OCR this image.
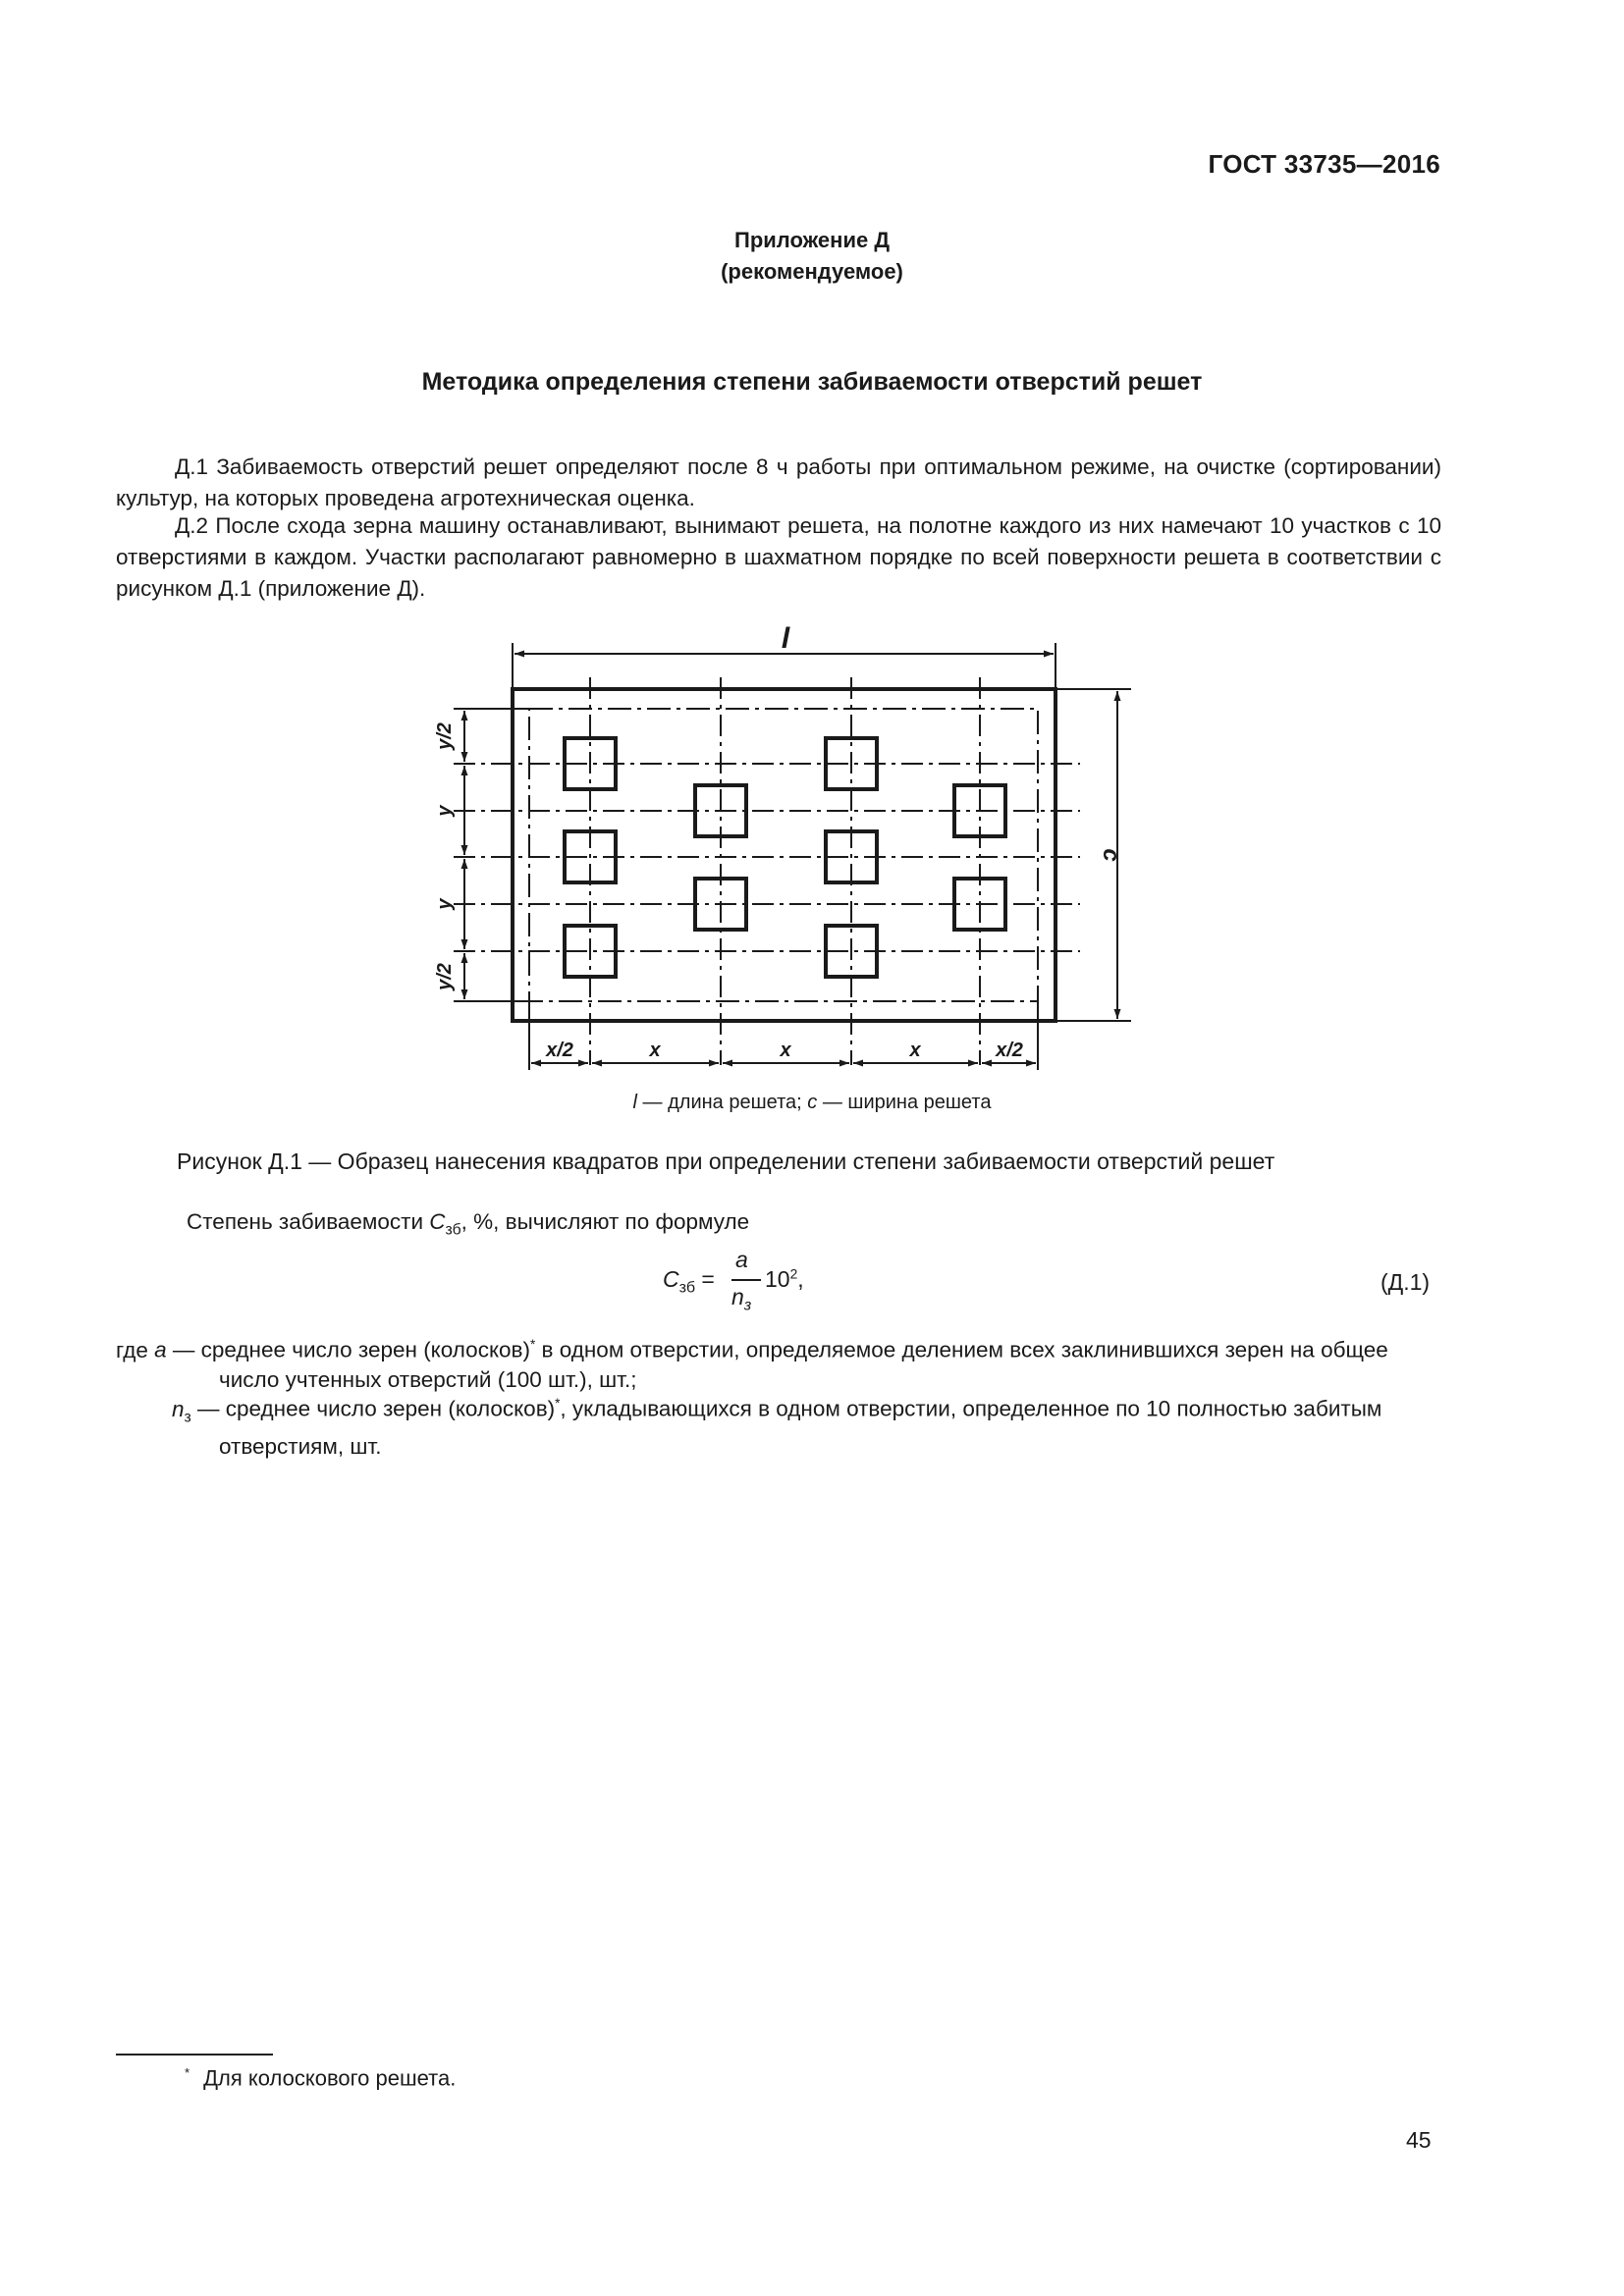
ГОСТ 33735—2016
Приложение Д
(рекомендуемое)
Методика определения степени забиваемости отверстий решет
Д.1 Забиваемость отверстий решет определяют после 8 ч работы при оптимальном режиме, на очистке (сортировании) культур, на которых проведена агротехническая оценка.
Д.2 После схода зерна машину останавливают, вынимают решета, на полотне каждого из них намечают 10 участков с 10 отверстиями в каждом. Участки располагают равномерно в шахматном порядке по всей поверхности решета в соответствии с рисунком Д.1 (приложение Д).
l
c
y/2
y
y
y/2
x/2	x	x	x	x/2
l — длина решета; c — ширина решета
Рисунок Д.1 — Образец нанесения квадратов при определении степени забиваемости отверстий решет
Степень забиваемости $C_{зб}$, %, вычисляют по формуле
$C_{зб}$ =
a
$n_з$
$10^2$,	(Д.1)
где a — среднее число зерен (колосков)* в одном отверстии, определяемое делением всех заклинившихся зерен на общее число учтенных отверстий (100 шт.), шт.;
$n_з$ — среднее число зерен (колосков)*, укладывающихся в одном отверстии, определенное по 10 полностью забитым отверстиям, шт.
* Для колоскового решета.
45
